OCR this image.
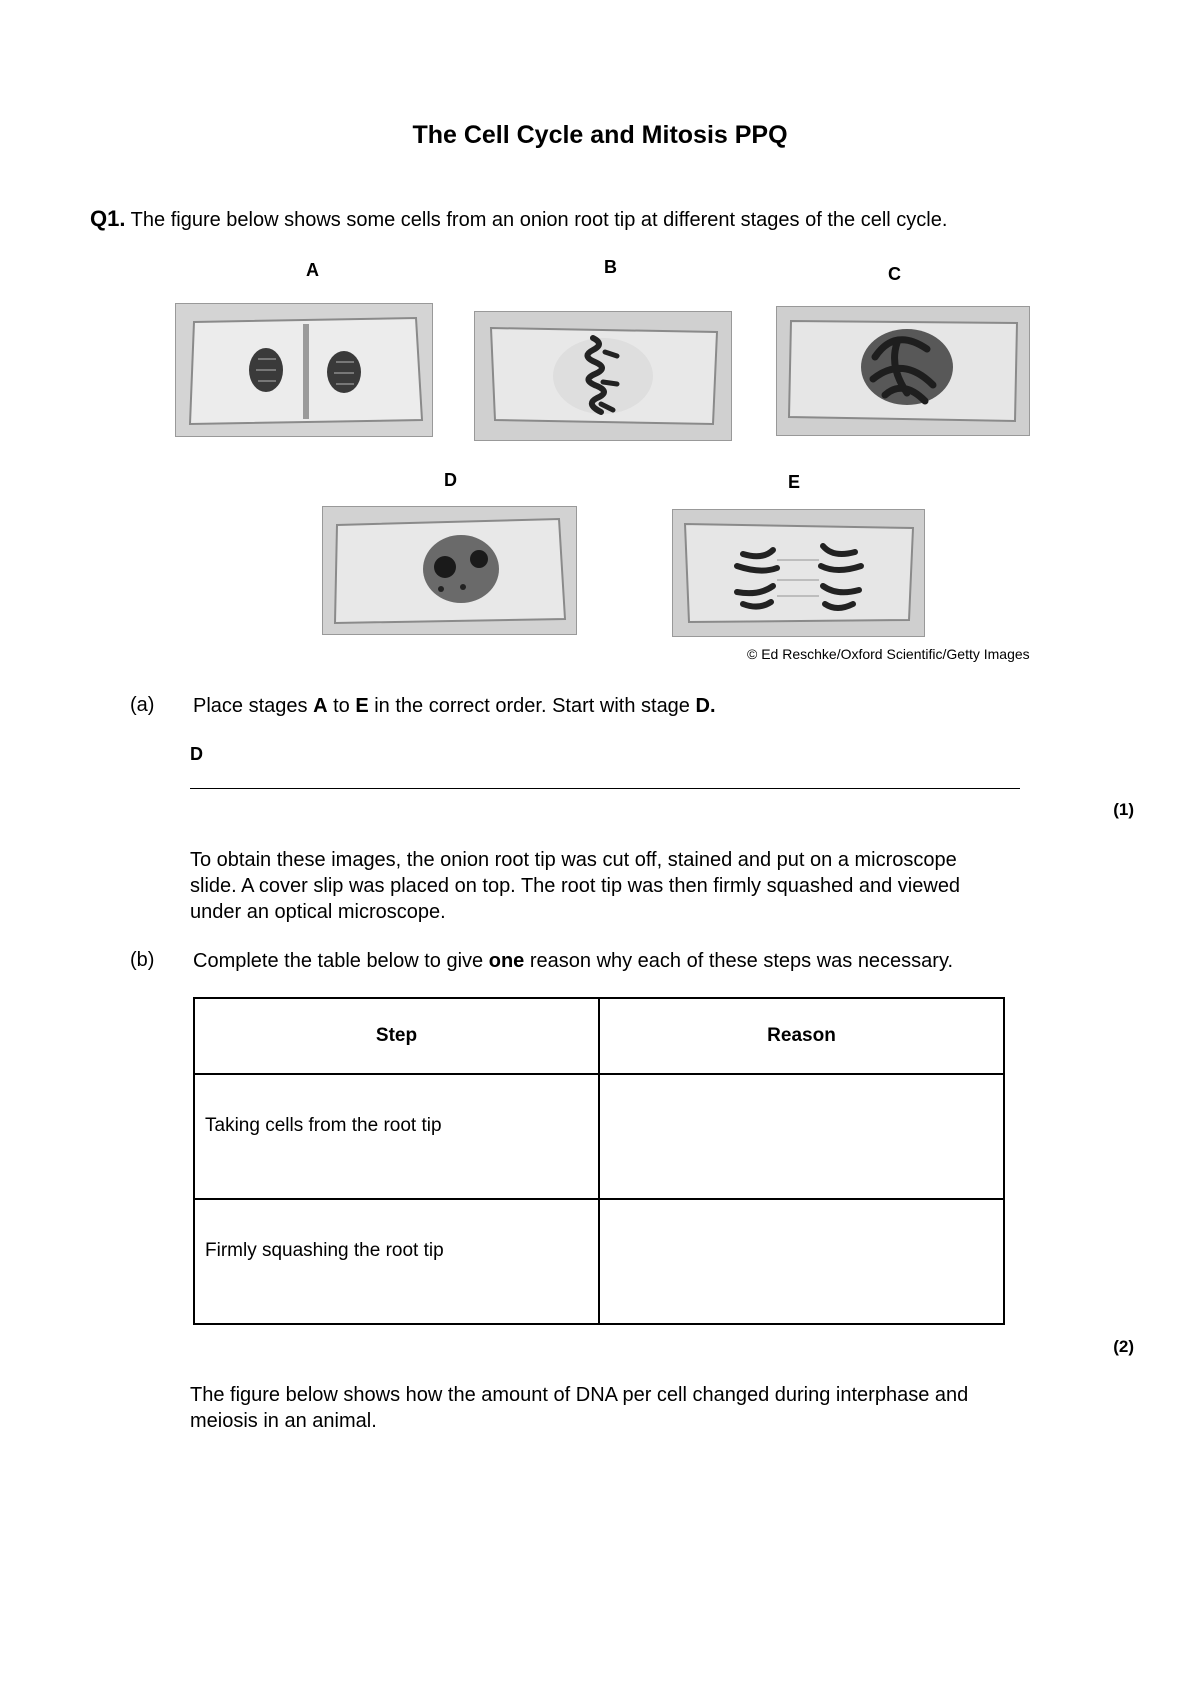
The Cell Cycle and Mitosis PPQ
Q1. The figure below shows some cells from an onion root tip at different stages of the cell cycle.
A	B	C
D	E
© Ed Reschke/Oxford Scientific/Getty Images
(a) Place stages A to E in the correct order. Start with stage D.
D
(1)
To obtain these images, the onion root tip was cut off, stained and put on a microscope
slide. A cover slip was placed on top. The root tip was then firmly squashed and viewed
under an optical microscope.
(b) Complete the table below to give one reason why each of these steps was necessary.
Step	Reason

Taking cells from the root tip	

Firmly squashing the root tip	

(2)
The figure below shows how the amount of DNA per cell changed during interphase and
meiosis in an animal.
